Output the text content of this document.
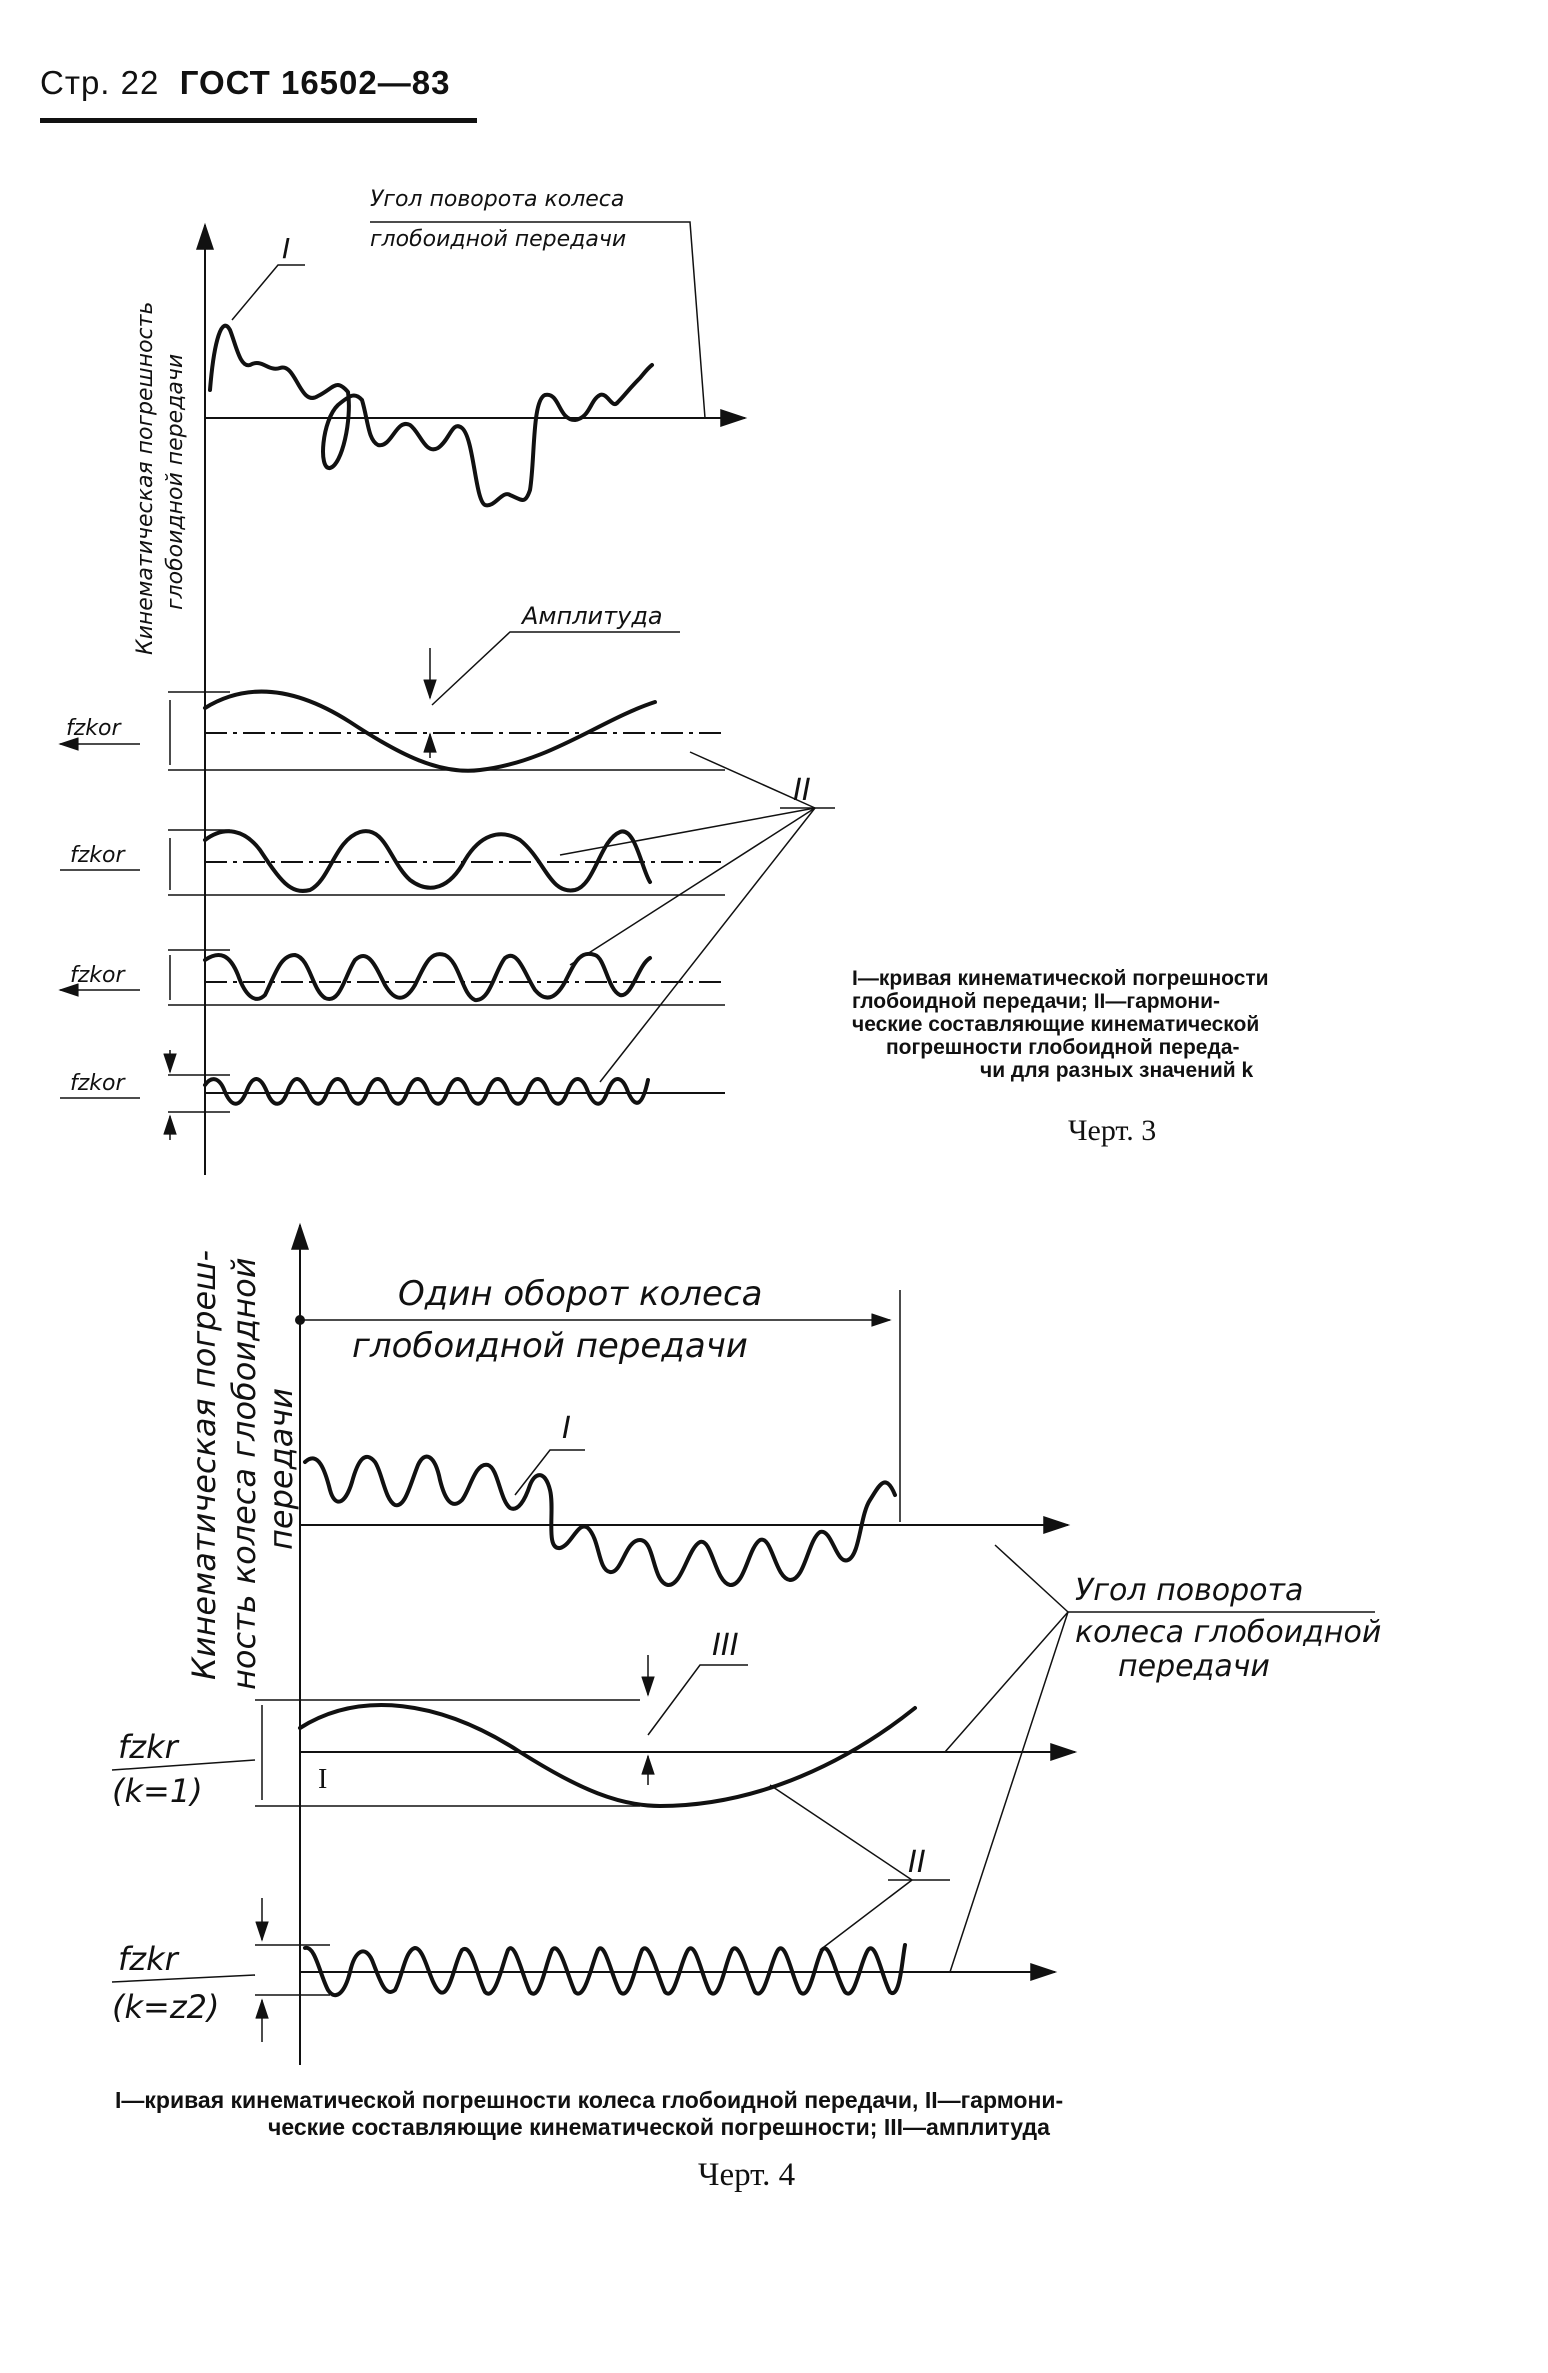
Стр. 22 ГОСТ 16502—83
Кинематическая погрешность глобоидной передачи
Угол поворота колеса
глобоидной передачи
I
Амплитуда
fzkor
fzkor
fzkor
fzkor
II
I—кривая кинематической погрешности
глобоидной передачи; II—гармони-
ческие составляющие кинематической
погрешности глобоидной переда-
чи для разных значений k
Черт. 3
Кинематическая погреш- ность колеса глобоидной передачи
Один оборот колеса
глобоидной передачи
I
Угол поворота
колеса глобоидной
передачи
I
III
fzkr
(k=1)
fzkr
(k=z2)
II
I—кривая кинематической погрешности колеса глобоидной передачи, II—гармони-
ческие составляющие кинематической погрешности; III—амплитуда
Черт. 4
